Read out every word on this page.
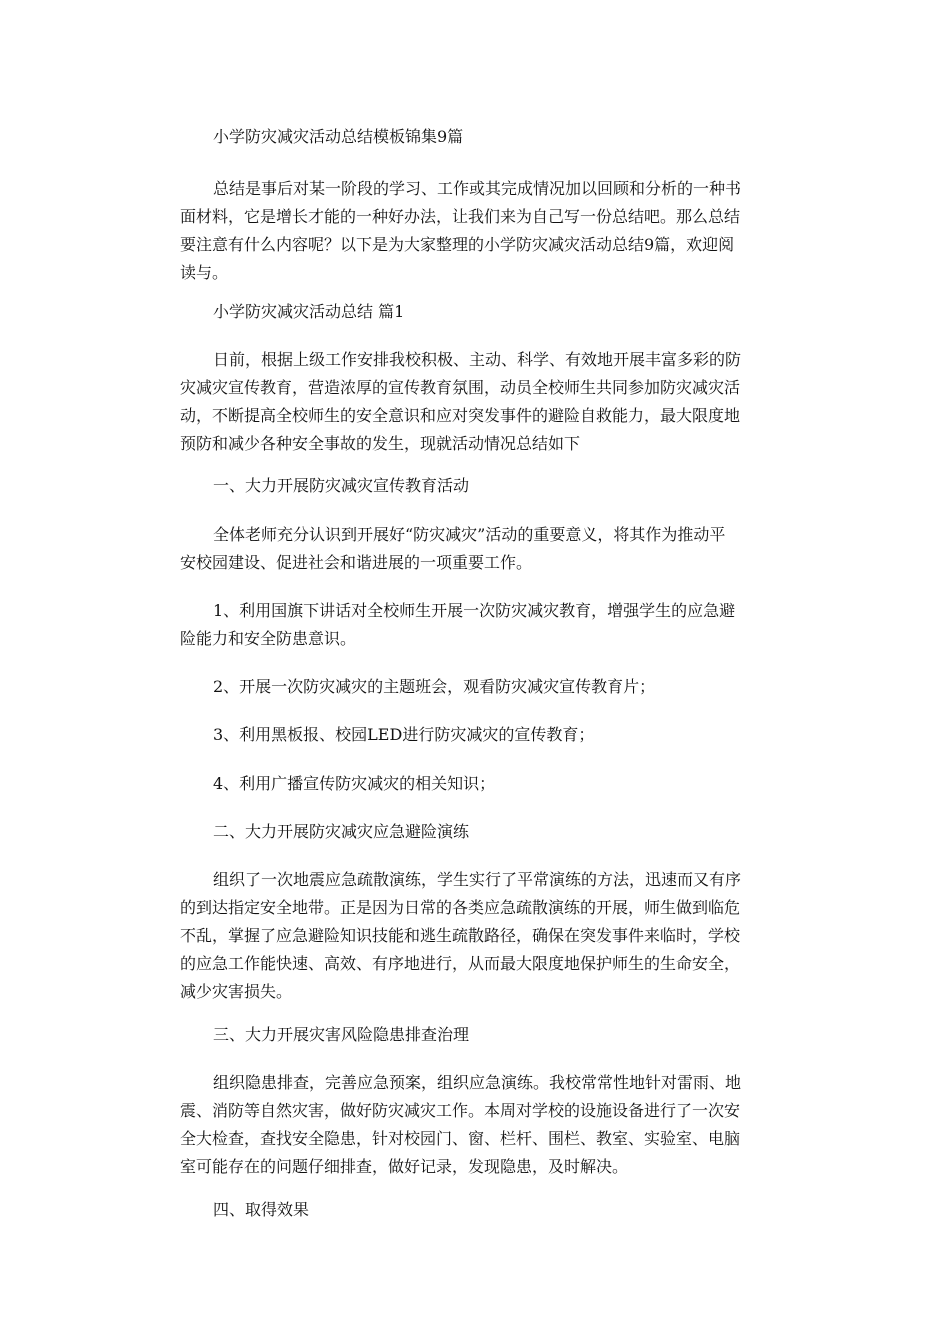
小学防灾减灾活动总结模板锦集9篇

总结是事后对某一阶段的学习、工作或其完成情况加以回顾和分析的一种书

面材料，它是增长才能的一种好办法，让我们来为自己写一份总结吧。那么总结

要注意有什么内容呢？以下是为大家整理的小学防灾减灾活动总结9篇，欢迎阅

读与。

小学防灾减灾活动总结 篇1

日前，根据上级工作安排我校积极、主动、科学、有效地开展丰富多彩的防

灾减灾宣传教育，营造浓厚的宣传教育氛围，动员全校师生共同参加防灾减灾活

动，不断提高全校师生的安全意识和应对突发事件的避险自救能力，最大限度地

预防和减少各种安全事故的发生，现就活动情况总结如下

一、大力开展防灾减灾宣传教育活动

全体老师充分认识到开展好“防灾减灾”活动的重要意义，将其作为推动平

安校园建设、促进社会和谐进展的一项重要工作。

1、利用国旗下讲话对全校师生开展一次防灾减灾教育，增强学生的应急避

险能力和安全防患意识。

2、开展一次防灾减灾的主题班会，观看防灾减灾宣传教育片；

3、利用黑板报、校园LED进行防灾减灾的宣传教育；

4、利用广播宣传防灾减灾的相关知识；

二、大力开展防灾减灾应急避险演练

组织了一次地震应急疏散演练，学生实行了平常演练的方法，迅速而又有序

的到达指定安全地带。正是因为日常的各类应急疏散演练的开展，师生做到临危

不乱，掌握了应急避险知识技能和逃生疏散路径，确保在突发事件来临时，学校

的应急工作能快速、高效、有序地进行，从而最大限度地保护师生的生命安全，

减少灾害损失。

三、大力开展灾害风险隐患排查治理

组织隐患排查，完善应急预案，组织应急演练。我校常常性地针对雷雨、地

震、消防等自然灾害，做好防灾减灾工作。本周对学校的设施设备进行了一次安

全大检查，查找安全隐患，针对校园门、窗、栏杆、围栏、教室、实验室、电脑

室可能存在的问题仔细排查，做好记录，发现隐患，及时解决。

四、取得效果
